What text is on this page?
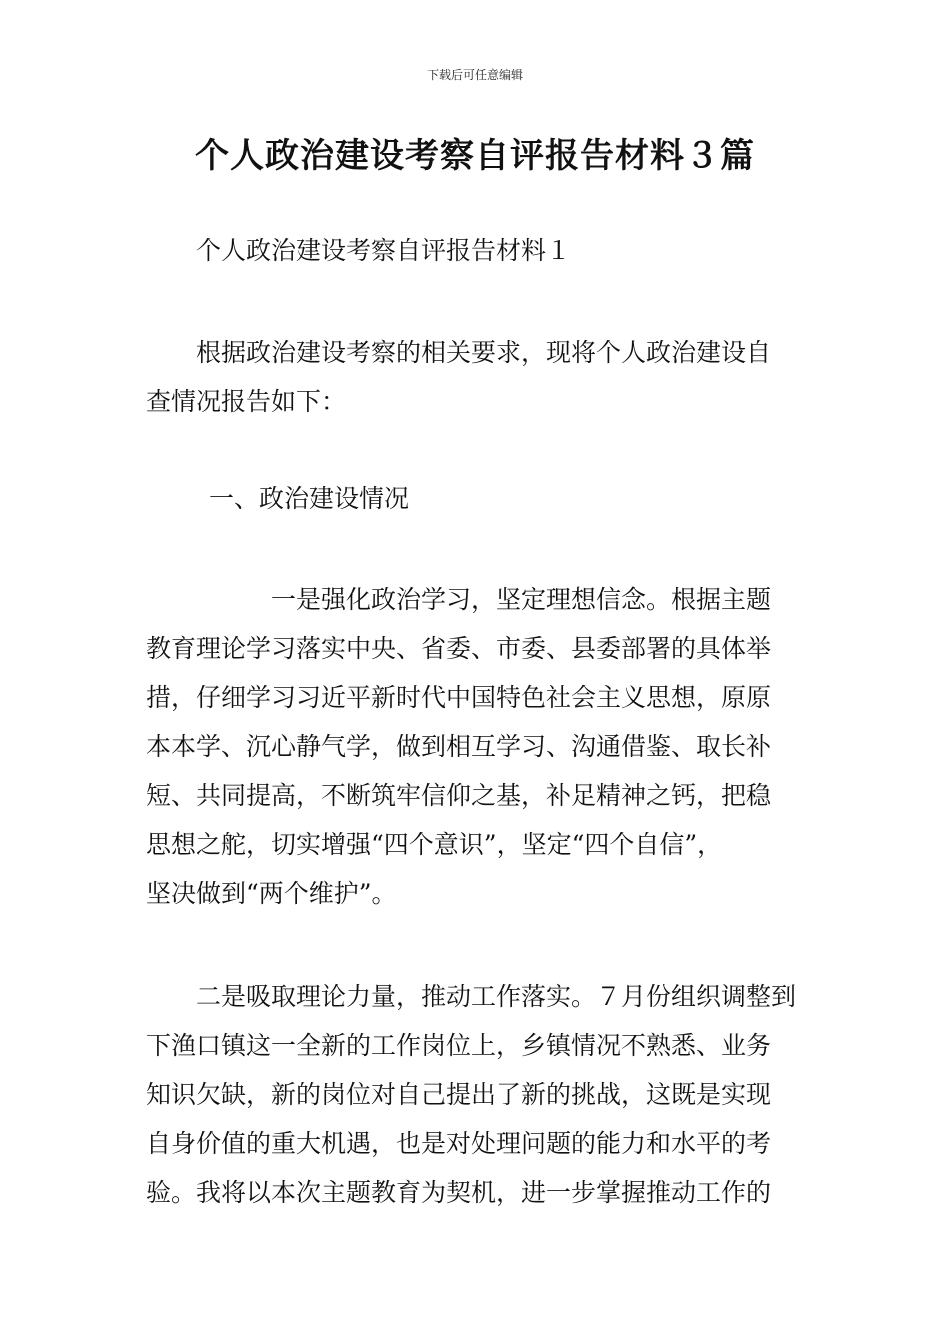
下载后可任意编辑
个人政治建设考察自评报告材料３篇
个人政治建设考察自评报告材料１
　　根据政治建设考察的相关要求，现将个人政治建设自
查情况报告如下：
　一、政治建设情况
　　　　　一是强化政治学习，坚定理想信念。根据主题
教育理论学习落实中央、省委、市委、县委部署的具体举
措，仔细学习习近平新时代中国特色社会主义思想，原原
本本学、沉心静气学，做到相互学习、沟通借鉴、取长补
短、共同提高，不断筑牢信仰之基，补足精神之钙，把稳
思想之舵，切实增强“四个意识”，坚定“四个自信”，
坚决做到“两个维护”。
　　二是吸取理论力量，推动工作落实。７月份组织调整到
下渔口镇这一全新的工作岗位上，乡镇情况不熟悉、业务
知识欠缺，新的岗位对自己提出了新的挑战，这既是实现
自身价值的重大机遇，也是对处理问题的能力和水平的考
验。我将以本次主题教育为契机，进一步掌握推动工作的
